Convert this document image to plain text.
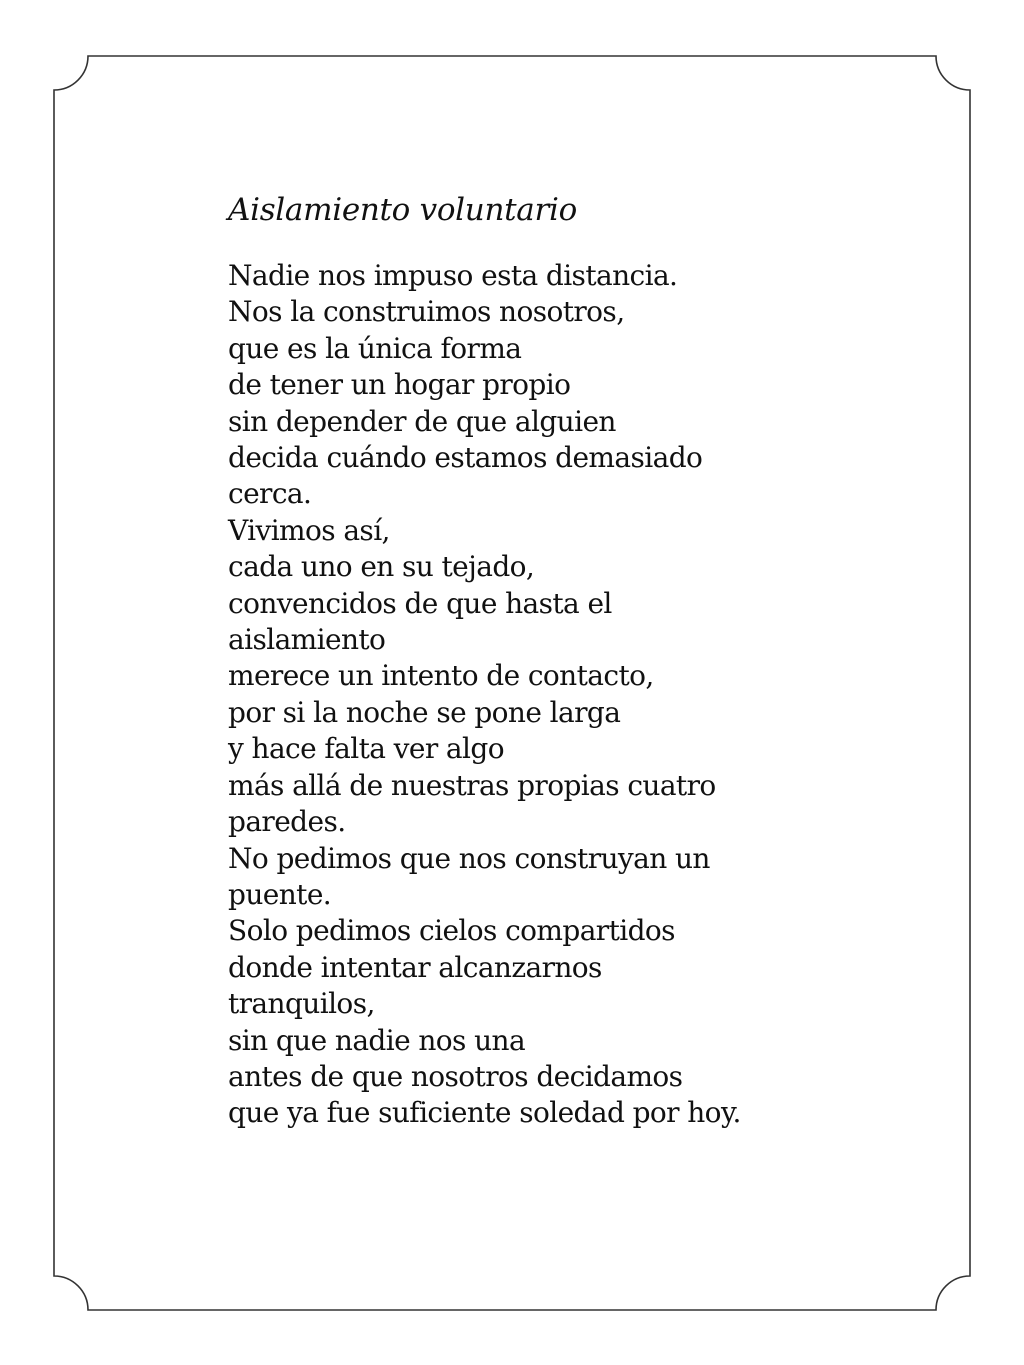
Aislamiento voluntario
Nadie nos impuso esta distancia.
Nos la construimos nosotros,
que es la única forma
de tener un hogar propio
sin depender de que alguien
decida cuándo estamos demasiado
cerca.
Vivimos así,
cada uno en su tejado,
convencidos de que hasta el
aislamiento
merece un intento de contacto,
por si la noche se pone larga
y hace falta ver algo
más allá de nuestras propias cuatro
paredes.
No pedimos que nos construyan un
puente.
Solo pedimos cielos compartidos
donde intentar alcanzarnos
tranquilos,
sin que nadie nos una
antes de que nosotros decidamos
que ya fue suficiente soledad por hoy.
